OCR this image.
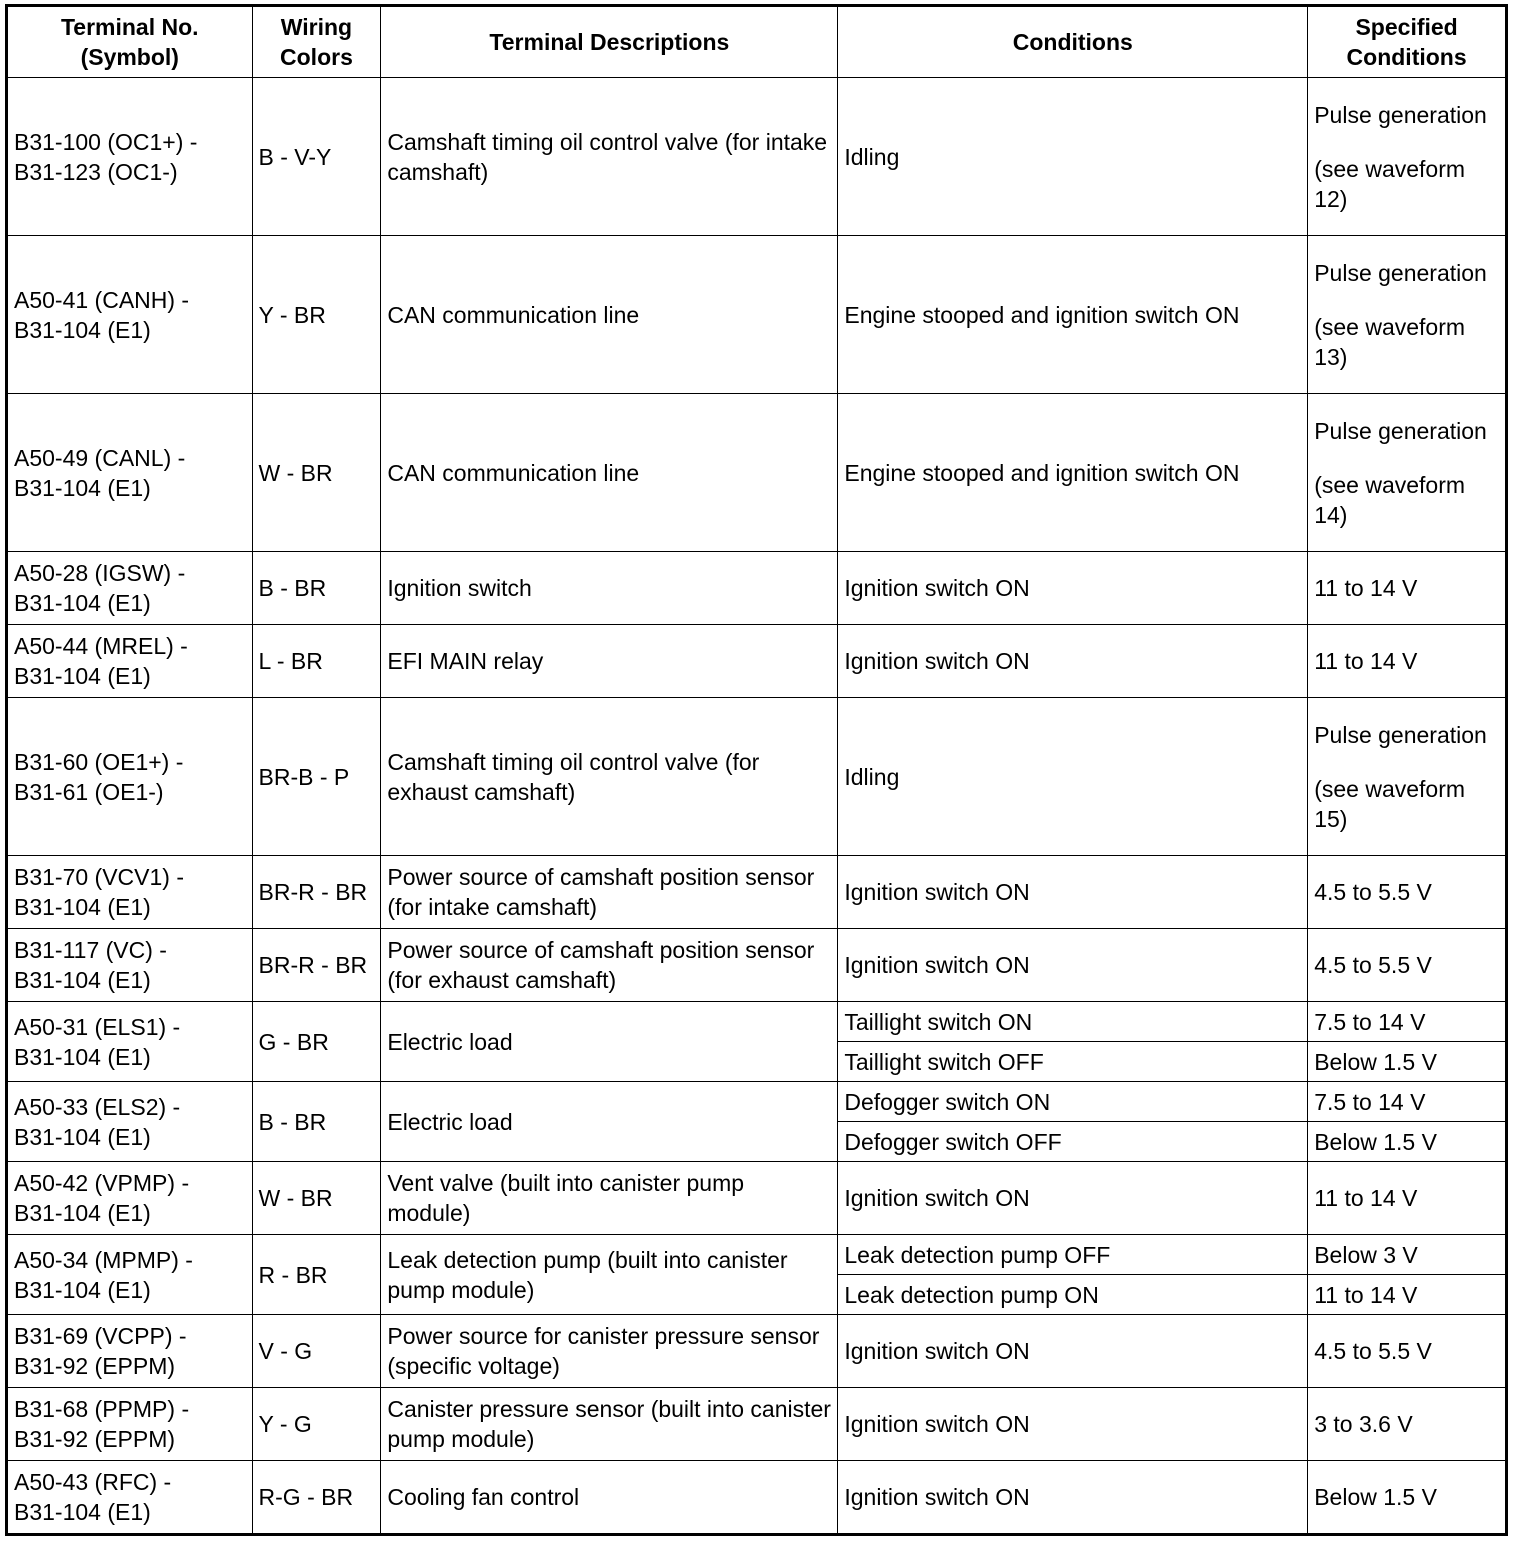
Terminal No. (Symbol)	Wiring Colors	Terminal Descriptions	Conditions	Specified Conditions
B31-100 (OC1+) -
B31-123 (OC1-)	B - V-Y	Camshaft timing oil control valve (for intake camshaft)	Idling	Pulse generation
(see waveform 12)
A50-41 (CANH) -
B31-104 (E1)	Y - BR	CAN communication line	Engine stooped and ignition switch ON	Pulse generation
(see waveform 13)
A50-49 (CANL) -
B31-104 (E1)	W - BR	CAN communication line	Engine stooped and ignition switch ON	Pulse generation
(see waveform 14)
A50-28 (IGSW) -
B31-104 (E1)	B - BR	Ignition switch	Ignition switch ON	11 to 14 V
A50-44 (MREL) -
B31-104 (E1)	L - BR	EFI MAIN relay	Ignition switch ON	11 to 14 V
B31-60 (OE1+) -
B31-61 (OE1-)	BR-B - P	Camshaft timing oil control valve (for exhaust camshaft)	Idling	Pulse generation
(see waveform 15)
B31-70 (VCV1) -
B31-104 (E1)	BR-R - BR	Power source of camshaft position sensor (for intake camshaft)	Ignition switch ON	4.5 to 5.5 V
B31-117 (VC) -
B31-104 (E1)	BR-R - BR	Power source of camshaft position sensor (for exhaust camshaft)	Ignition switch ON	4.5 to 5.5 V
A50-31 (ELS1) -
B31-104 (E1)	G - BR	Electric load	Taillight switch ON	7.5 to 14 V
			Taillight switch OFF	Below 1.5 V
A50-33 (ELS2) -
B31-104 (E1)	B - BR	Electric load	Defogger switch ON	7.5 to 14 V
			Defogger switch OFF	Below 1.5 V
A50-42 (VPMP) -
B31-104 (E1)	W - BR	Vent valve (built into canister pump module)	Ignition switch ON	11 to 14 V
A50-34 (MPMP) -
B31-104 (E1)	R - BR	Leak detection pump (built into canister pump module)	Leak detection pump OFF	Below 3 V
			Leak detection pump ON	11 to 14 V
B31-69 (VCPP) -
B31-92 (EPPM)	V - G	Power source for canister pressure sensor (specific voltage)	Ignition switch ON	4.5 to 5.5 V
B31-68 (PPMP) -
B31-92 (EPPM)	Y - G	Canister pressure sensor (built into canister pump module)	Ignition switch ON	3 to 3.6 V
A50-43 (RFC) -
B31-104 (E1)	R-G - BR	Cooling fan control	Ignition switch ON	Below 1.5 V
